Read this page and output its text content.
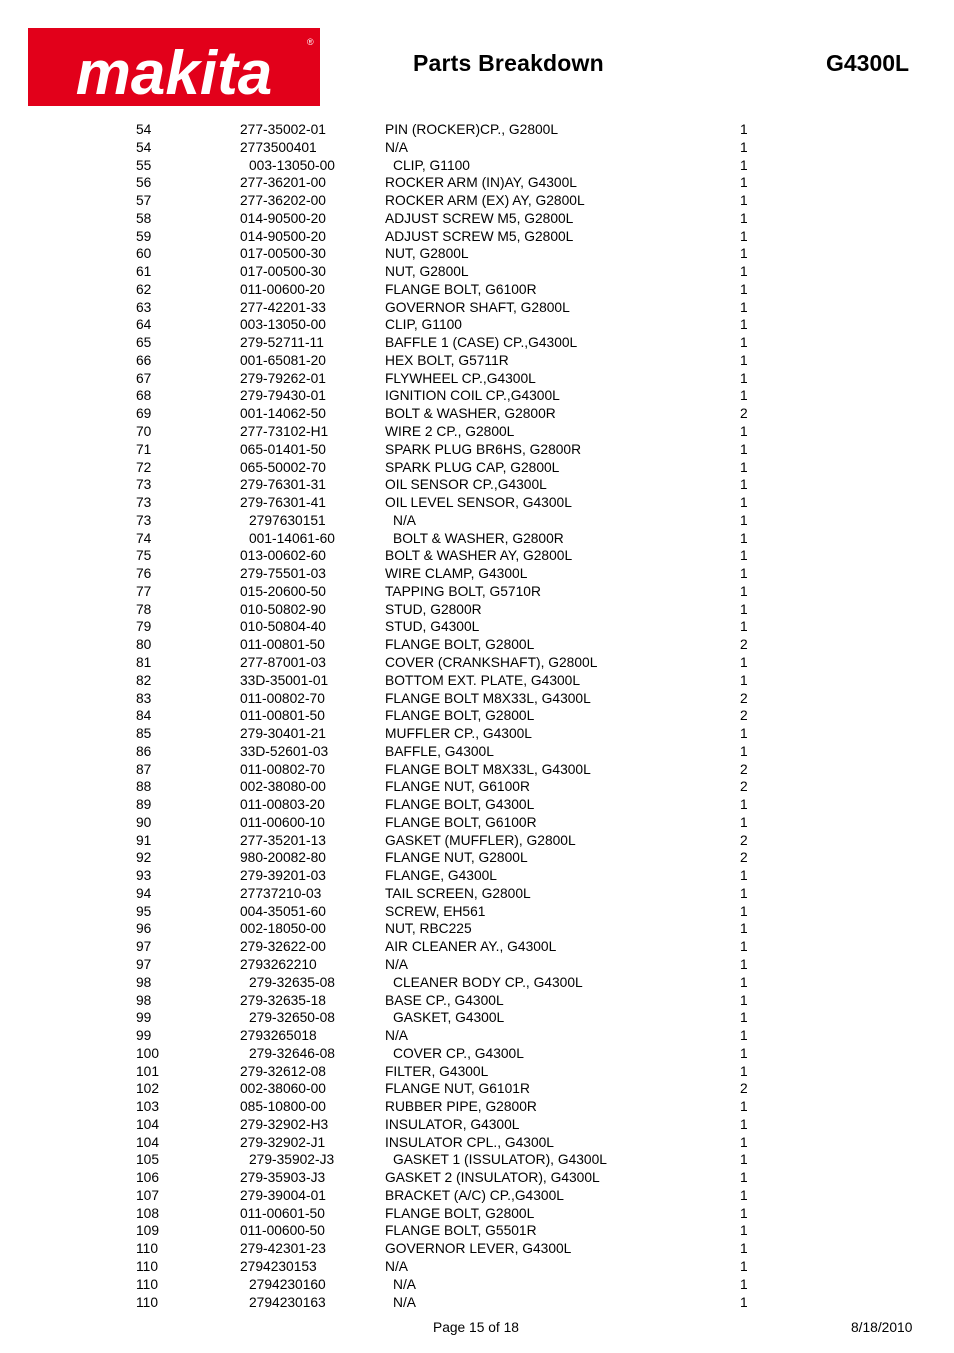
makita	®
Parts Breakdown	G4300L
54	277-35002-01	PIN (ROCKER)CP., G2800L	1
54	2773500401	N/A	1
55	003-13050-00	CLIP, G1100	1
56	277-36201-00	ROCKER ARM (IN)AY, G4300L	1
57	277-36202-00	ROCKER ARM (EX) AY, G2800L	1
58	014-90500-20	ADJUST SCREW M5, G2800L	1
59	014-90500-20	ADJUST SCREW M5, G2800L	1
60	017-00500-30	NUT, G2800L	1
61	017-00500-30	NUT, G2800L	1
62	011-00600-20	FLANGE BOLT, G6100R	1
63	277-42201-33	GOVERNOR SHAFT, G2800L	1
64	003-13050-00	CLIP, G1100	1
65	279-52711-11	BAFFLE 1 (CASE) CP.,G4300L	1
66	001-65081-20	HEX BOLT, G5711R	1
67	279-79262-01	FLYWHEEL CP.,G4300L	1
68	279-79430-01	IGNITION COIL CP.,G4300L	1
69	001-14062-50	BOLT & WASHER, G2800R	2
70	277-73102-H1	WIRE 2 CP., G2800L	1
71	065-01401-50	SPARK PLUG BR6HS, G2800R	1
72	065-50002-70	SPARK PLUG CAP, G2800L	1
73	279-76301-31	OIL SENSOR CP.,G4300L	1
73	279-76301-41	OIL LEVEL SENSOR, G4300L	1
73	2797630151	N/A	1
74	001-14061-60	BOLT & WASHER, G2800R	1
75	013-00602-60	BOLT & WASHER AY, G2800L	1
76	279-75501-03	WIRE CLAMP, G4300L	1
77	015-20600-50	TAPPING BOLT, G5710R	1
78	010-50802-90	STUD, G2800R	1
79	010-50804-40	STUD, G4300L	1
80	011-00801-50	FLANGE BOLT, G2800L	2
81	277-87001-03	COVER (CRANKSHAFT), G2800L	1
82	33D-35001-01	BOTTOM EXT. PLATE, G4300L	1
83	011-00802-70	FLANGE BOLT M8X33L, G4300L	2
84	011-00801-50	FLANGE BOLT, G2800L	2
85	279-30401-21	MUFFLER CP., G4300L	1
86	33D-52601-03	BAFFLE, G4300L	1
87	011-00802-70	FLANGE BOLT M8X33L, G4300L	2
88	002-38080-00	FLANGE NUT, G6100R	2
89	011-00803-20	FLANGE BOLT, G4300L	1
90	011-00600-10	FLANGE BOLT, G6100R	1
91	277-35201-13	GASKET (MUFFLER), G2800L	2
92	980-20082-80	FLANGE NUT, G2800L	2
93	279-39201-03	FLANGE, G4300L	1
94	27737210-03	TAIL SCREEN, G2800L	1
95	004-35051-60	SCREW, EH561	1
96	002-18050-00	NUT, RBC225	1
97	279-32622-00	AIR CLEANER AY., G4300L	1
97	2793262210	N/A	1
98	279-32635-08	CLEANER BODY CP., G4300L	1
98	279-32635-18	BASE CP., G4300L	1
99	279-32650-08	GASKET, G4300L	1
99	2793265018	N/A	1
100	279-32646-08	COVER CP., G4300L	1
101	279-32612-08	FILTER, G4300L	1
102	002-38060-00	FLANGE NUT, G6101R	2
103	085-10800-00	RUBBER PIPE, G2800R	1
104	279-32902-H3	INSULATOR, G4300L	1
104	279-32902-J1	INSULATOR CPL., G4300L	1
105	279-35902-J3	GASKET 1 (ISSULATOR), G4300L	1
106	279-35903-J3	GASKET 2 (INSULATOR), G4300L	1
107	279-39004-01	BRACKET (A/C) CP.,G4300L	1
108	011-00601-50	FLANGE BOLT, G2800L	1
109	011-00600-50	FLANGE BOLT, G5501R	1
110	279-42301-23	GOVERNOR LEVER, G4300L	1
110	2794230153	N/A	1
110	2794230160	N/A	1
110	2794230163	N/A	1
Page 15 of 18	8/18/2010
